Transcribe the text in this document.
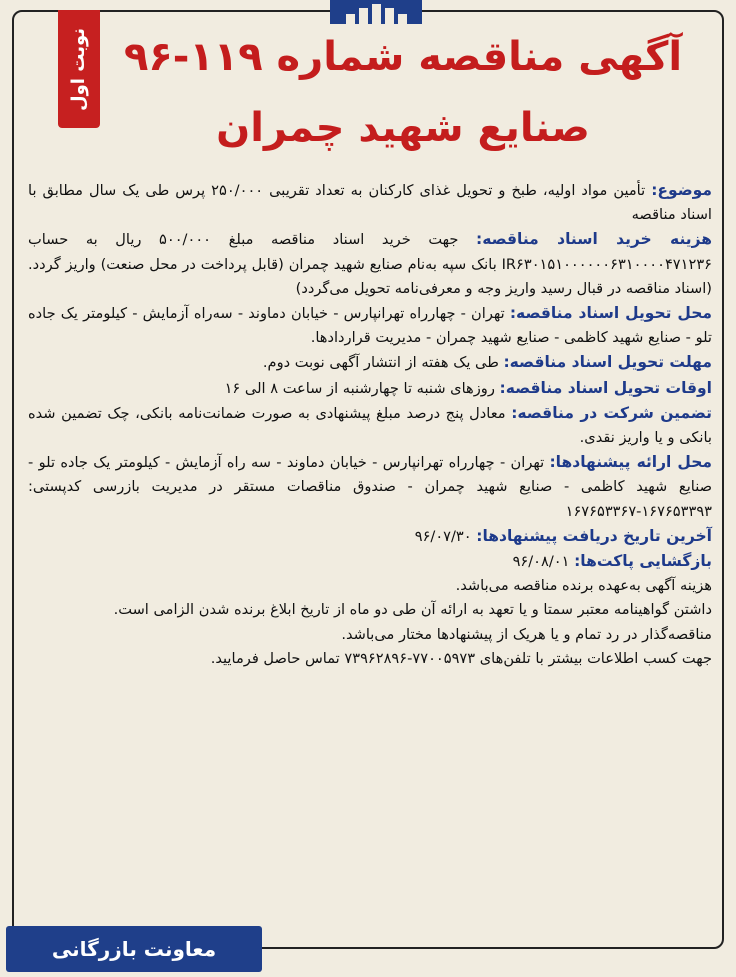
نوبت اول آگهی مناقصه شماره ۱۱۹-۹۶
صنایع شهید چمران

موضوع: تأمین مواد اولیه، طبخ و تحویل غذای کارکنان به تعداد تقریبی ۲۵۰/۰۰۰ پرس طی یک سال مطابق با اسناد مناقصه

هزینه خرید اسناد مناقصه: جهت خرید اسناد مناقصه مبلغ ۵۰۰/۰۰۰ ریال به حساب IR۶۳۰۱۵۱۰۰۰۰۰۰۶۳۱۰۰۰۰۴۷۱۲۳۶ بانک سپه به‌نام صنایع شهید چمران (قابل پرداخت در محل صنعت) واریز گردد. (اسناد مناقصه در قبال رسید واریز وجه و معرفی‌نامه تحویل می‌گردد)

محل تحویل اسناد مناقصه: تهران - چهارراه تهرانپارس - خیابان دماوند - سه‌راه آزمایش - کیلومتر یک جاده تلو - صنایع شهید کاظمی - صنایع شهید چمران - مدیریت قراردادها.

مهلت تحویل اسناد مناقصه: طی یک هفته از انتشار آگهی نوبت دوم.

اوقات تحویل اسناد مناقصه: روزهای شنبه تا چهارشنبه از ساعت ۸ الی ۱۶

تضمین شرکت در مناقصه: معادل پنج درصد مبلغ پیشنهادی به صورت ضمانت‌نامه بانکی، چک تضمین شده بانکی و یا واریز نقدی.

محل ارائه پیشنهادها: تهران - چهارراه تهرانپارس - خیابان دماوند - سه راه آزمایش - کیلومتر یک جاده تلو - صنایع شهید کاظمی - صنایع شهید چمران - صندوق مناقصات مستقر در مدیریت بازرسی کدپستی: ۱۶۷۶۵۳۳۹۳-۱۶۷۶۵۳۳۶۷

آخرین تاریخ دریافت پیشنهادها: ۹۶/۰۷/۳۰

بازگشایی پاکت‌ها: ۹۶/۰۸/۰۱

هزینه آگهی به‌عهده برنده مناقصه می‌باشد.

داشتن گواهینامه معتبر سمتا و یا تعهد به ارائه آن طی دو ماه از تاریخ ابلاغ برنده شدن الزامی است.

مناقصه‌گذار در رد تمام و یا هریک از پیشنهادها مختار می‌باشد.

جهت کسب اطلاعات بیشتر با تلفن‌های ۷۷۰۰۵۹۷۳-۷۳۹۶۲۸۹۶ تماس حاصل فرمایید.

معاونت بازرگانی
